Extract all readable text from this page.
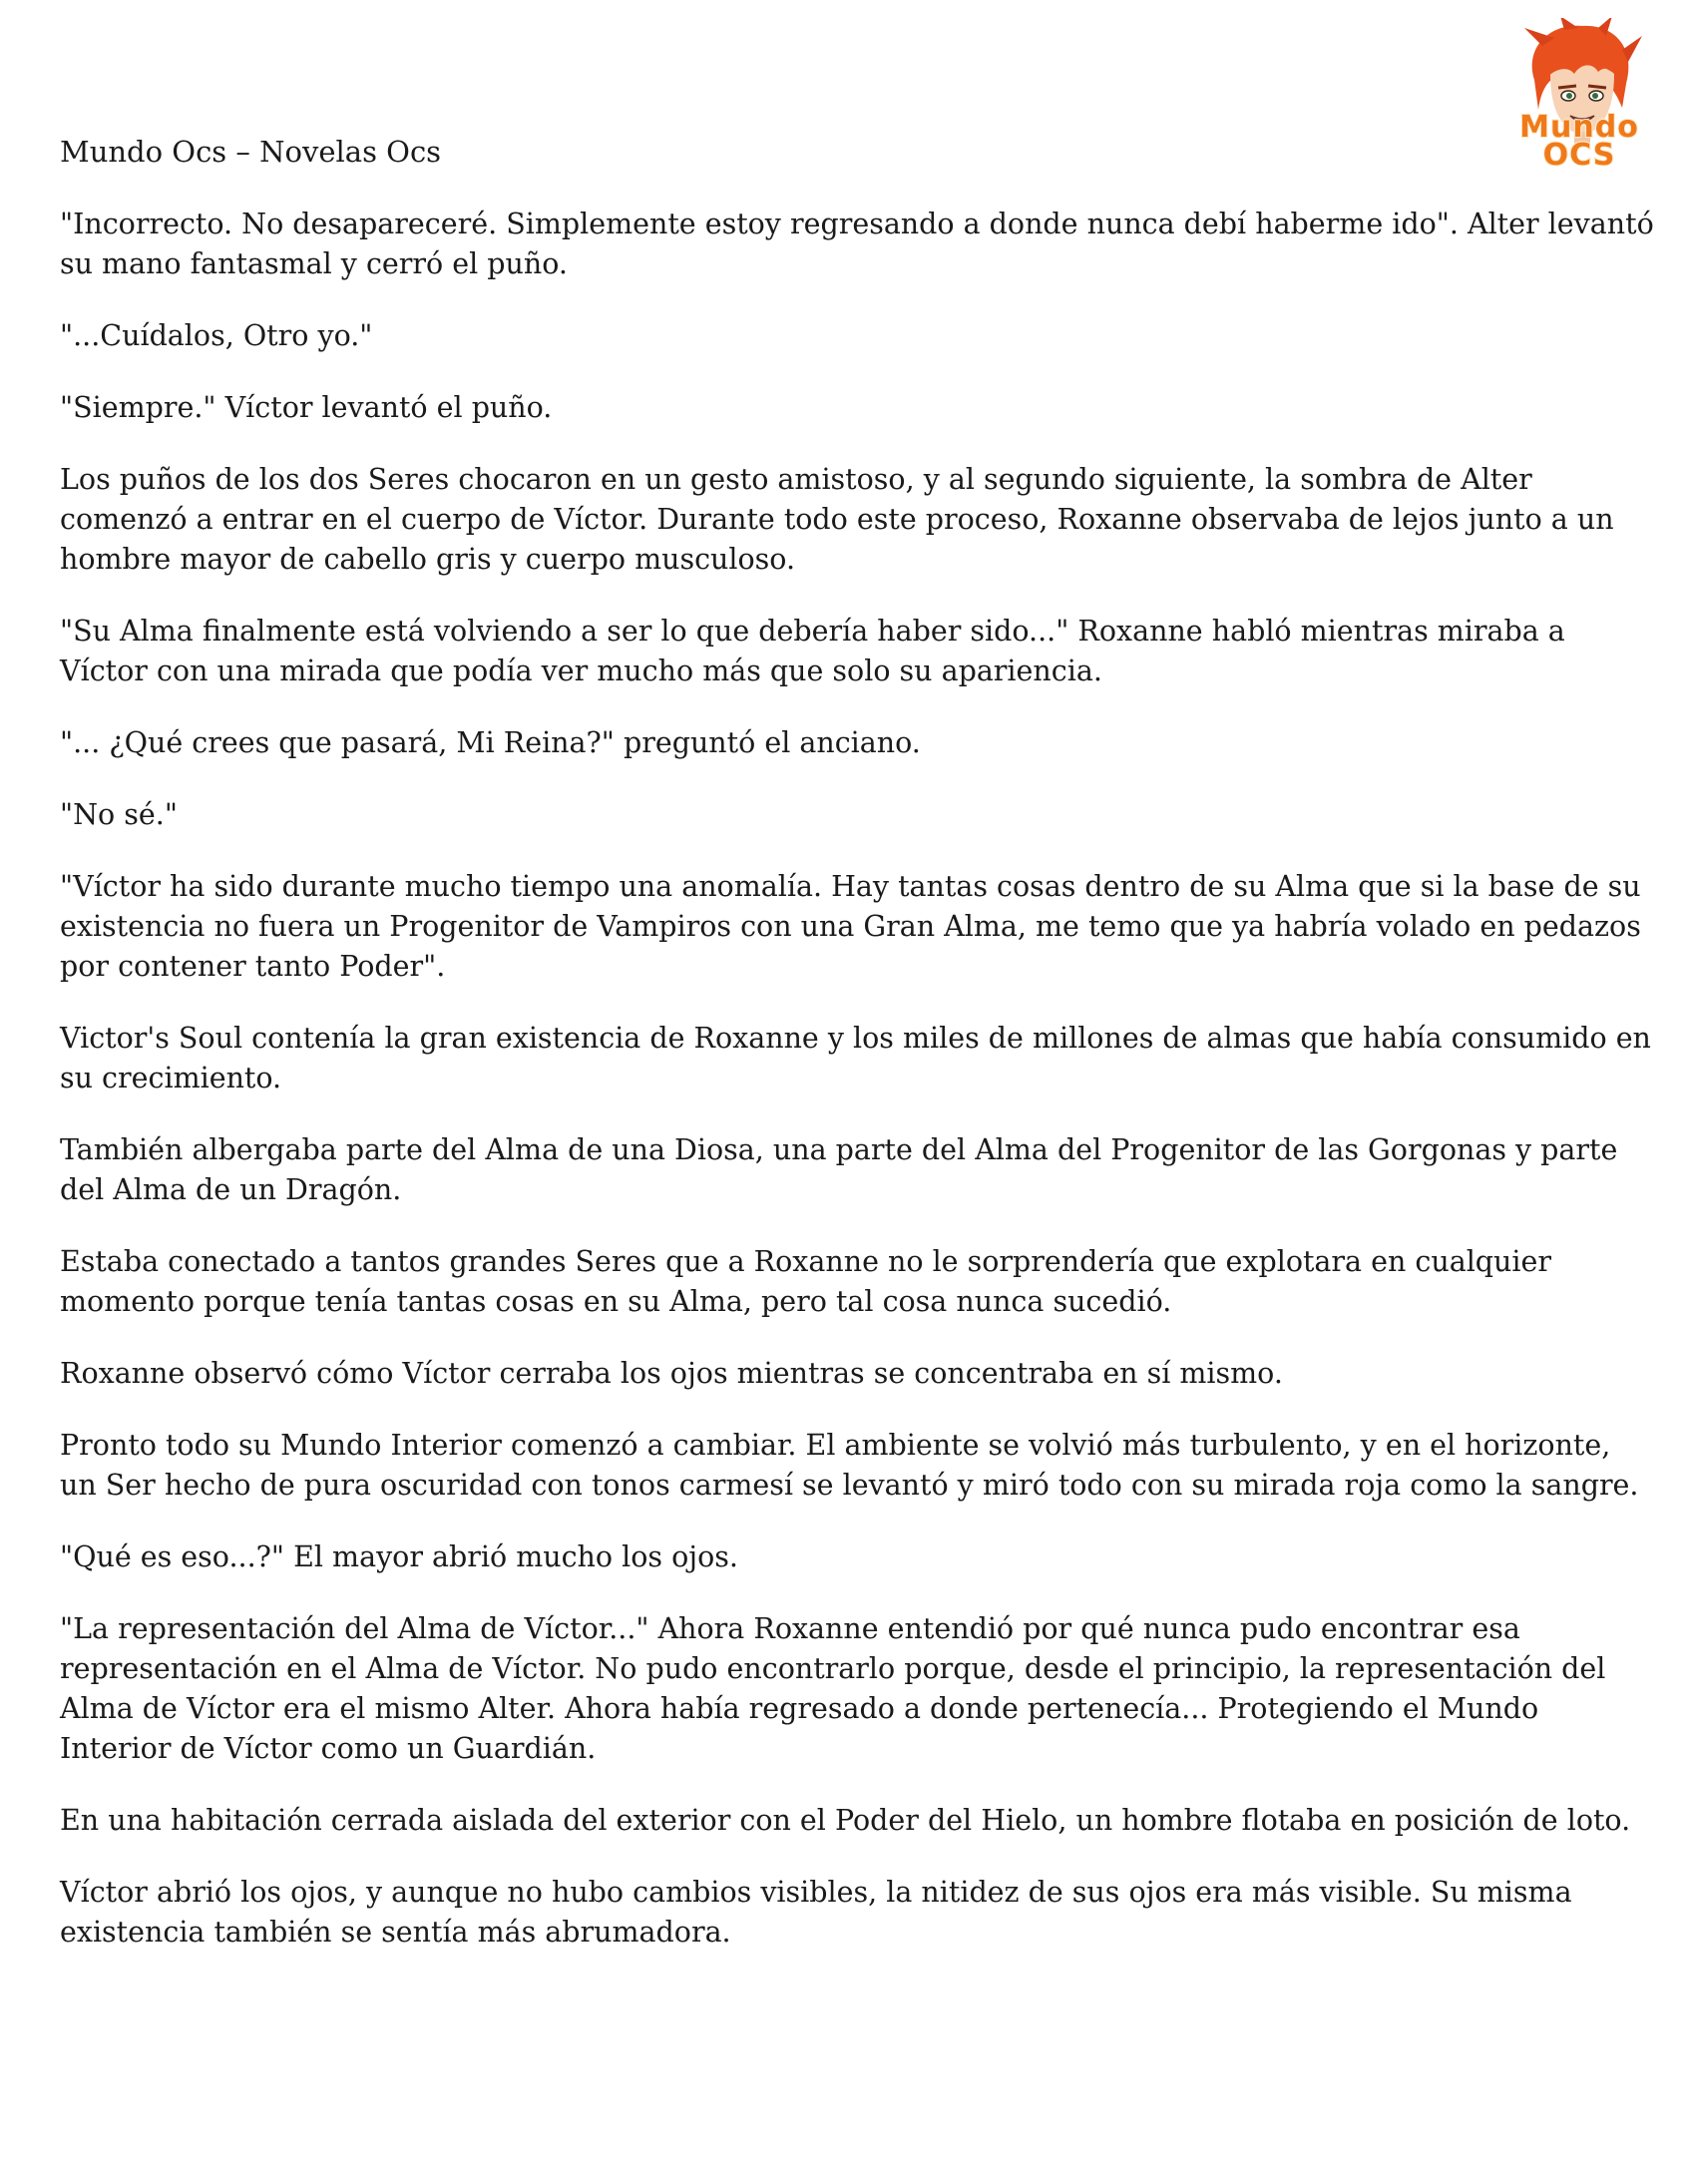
Mundo OCS
Mundo Ocs – Novelas Ocs

"Incorrecto. No desapareceré. Simplemente estoy regresando a donde nunca debí haberme ido". Alter levantó su mano fantasmal y cerró el puño.

"...Cuídalos, Otro yo."

"Siempre." Víctor levantó el puño.

Los puños de los dos Seres chocaron en un gesto amistoso, y al segundo siguiente, la sombra de Alter comenzó a entrar en el cuerpo de Víctor. Durante todo este proceso, Roxanne observaba de lejos junto a un hombre mayor de cabello gris y cuerpo musculoso.

"Su Alma finalmente está volviendo a ser lo que debería haber sido..." Roxanne habló mientras miraba a Víctor con una mirada que podía ver mucho más que solo su apariencia.

"... ¿Qué crees que pasará, Mi Reina?" preguntó el anciano.

"No sé."

"Víctor ha sido durante mucho tiempo una anomalía. Hay tantas cosas dentro de su Alma que si la base de su existencia no fuera un Progenitor de Vampiros con una Gran Alma, me temo que ya habría volado en pedazos por contener tanto Poder".

Victor's Soul contenía la gran existencia de Roxanne y los miles de millones de almas que había consumido en su crecimiento.

También albergaba parte del Alma de una Diosa, una parte del Alma del Progenitor de las Gorgonas y parte del Alma de un Dragón.

Estaba conectado a tantos grandes Seres que a Roxanne no le sorprendería que explotara en cualquier momento porque tenía tantas cosas en su Alma, pero tal cosa nunca sucedió.

Roxanne observó cómo Víctor cerraba los ojos mientras se concentraba en sí mismo.

Pronto todo su Mundo Interior comenzó a cambiar. El ambiente se volvió más turbulento, y en el horizonte, un Ser hecho de pura oscuridad con tonos carmesí se levantó y miró todo con su mirada roja como la sangre.

"Qué es eso...?" El mayor abrió mucho los ojos.

"La representación del Alma de Víctor..." Ahora Roxanne entendió por qué nunca pudo encontrar esa representación en el Alma de Víctor. No pudo encontrarlo porque, desde el principio, la representación del Alma de Víctor era el mismo Alter. Ahora había regresado a donde pertenecía... Protegiendo el Mundo Interior de Víctor como un Guardián.

En una habitación cerrada aislada del exterior con el Poder del Hielo, un hombre flotaba en posición de loto.

Víctor abrió los ojos, y aunque no hubo cambios visibles, la nitidez de sus ojos era más visible. Su misma existencia también se sentía más abrumadora.
